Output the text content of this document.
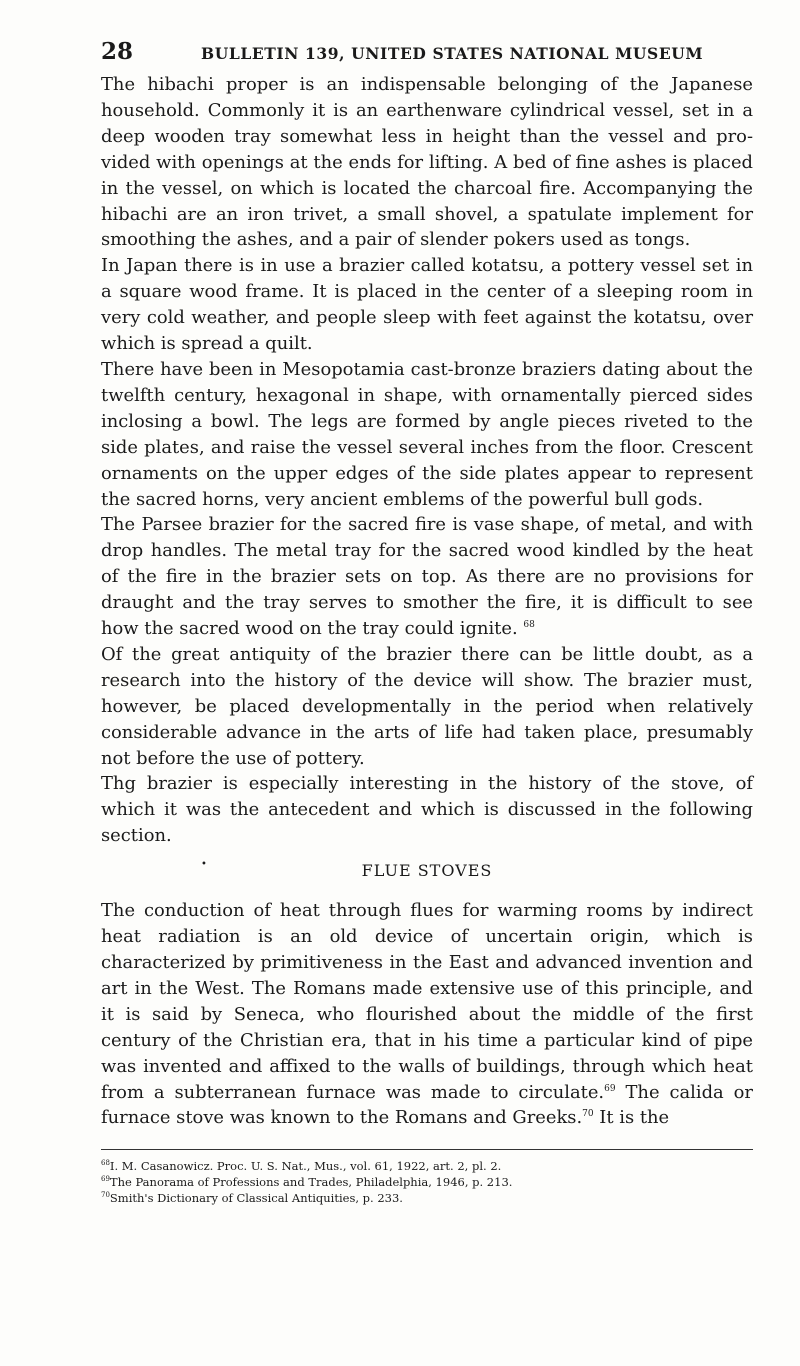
28	BULLETIN 139, UNITED STATES NATIONAL MUSEUM

The hibachi proper is an indispensable belonging of the Japanese household. Commonly it is an earthenware cylindrical vessel, set in a deep wooden tray somewhat less in height than the vessel and provided with openings at the ends for lifting. A bed of fine ashes is placed in the vessel, on which is located the charcoal fire. Accompanying the hibachi are an iron trivet, a small shovel, a spatulate implement for smoothing the ashes, and a pair of slender pokers used as tongs.

In Japan there is in use a brazier called kotatsu, a pottery vessel set in a square wood frame. It is placed in the center of a sleeping room in very cold weather, and people sleep with feet against the kotatsu, over which is spread a quilt.

There have been in Mesopotamia cast-bronze braziers dating about the twelfth century, hexagonal in shape, with ornamentally pierced sides inclosing a bowl. The legs are formed by angle pieces riveted to the side plates, and raise the vessel several inches from the floor. Crescent ornaments on the upper edges of the side plates appear to represent the sacred horns, very ancient emblems of the powerful bull gods.

The Parsee brazier for the sacred fire is vase shape, of metal, and with drop handles. The metal tray for the sacred wood kindled by the heat of the fire in the brazier sets on top. As there are no provisions for draught and the tray serves to smother the fire, it is difficult to see how the sacred wood on the tray could ignite. $^{68}$

Of the great antiquity of the brazier there can be little doubt, as a research into the history of the device will show. The brazier must, however, be placed developmentally in the period when relatively considerable advance in the arts of life had taken place, presumably not before the use of pottery.

Thg brazier is especially interesting in the history of the stove, of which it was the antecedent and which is discussed in the following section.

•	FLUE STOVES

The conduction of heat through flues for warming rooms by indirect heat radiation is an old device of uncertain origin, which is characterized by primitiveness in the East and advanced invention and art in the West. The Romans made extensive use of this principle, and it is said by Seneca, who flourished about the middle of the first century of the Christian era, that in his time a particular kind of pipe was invented and affixed to the walls of buildings, through which heat from a subterranean furnace was made to circulate.$^{69}$ The calida or furnace stove was known to the Romans and Greeks.$^{70}$ It is the

$^{68}$I. M. Casanowicz. Proc. U. S. Nat., Mus., vol. 61, 1922, art. 2, pl. 2.

$^{69}$The Panorama of Professions and Trades, Philadelphia, 1946, p. 213.

$^{70}$Smith's Dictionary of Classical Antiquities, p. 233.
